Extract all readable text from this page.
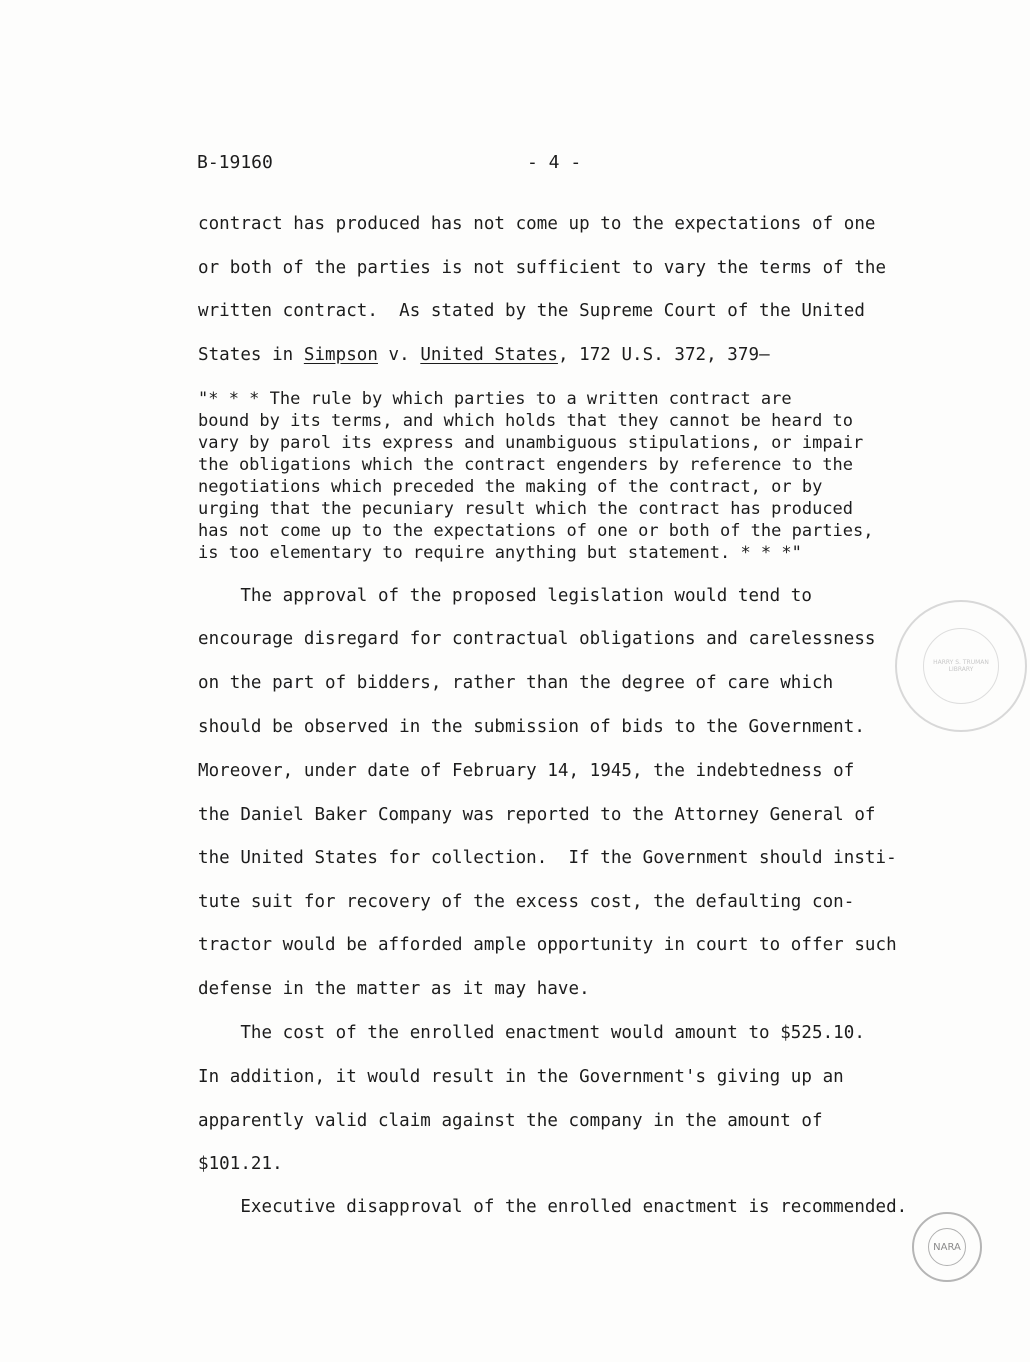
B-19160	- 4 -
contract has produced has not come up to the expectations of one
or both of the parties is not sufficient to vary the terms of the
written contract.  As stated by the Supreme Court of the United
States in Simpson v. United States, 172 U.S. 372, 379—
"* * * The rule by which parties to a written contract are
bound by its terms, and which holds that they cannot be heard to
vary by parol its express and unambiguous stipulations, or impair
the obligations which the contract engenders by reference to the
negotiations which preceded the making of the contract, or by
urging that the pecuniary result which the contract has produced
has not come up to the expectations of one or both of the parties,
is too elementary to require anything but statement. * * *"
The approval of the proposed legislation would tend to
encourage disregard for contractual obligations and carelessness
on the part of bidders, rather than the degree of care which
should be observed in the submission of bids to the Government.
Moreover, under date of February 14, 1945, the indebtedness of
the Daniel Baker Company was reported to the Attorney General of
the United States for collection.  If the Government should insti-
tute suit for recovery of the excess cost, the defaulting con-
tractor would be afforded ample opportunity in court to offer such
defense in the matter as it may have.
The cost of the enrolled enactment would amount to $525.10.
In addition, it would result in the Government's giving up an
apparently valid claim against the company in the amount of
$101.21.
Executive disapproval of the enrolled enactment is recommended.
HARRY S. TRUMAN
LIBRARY
NARA
